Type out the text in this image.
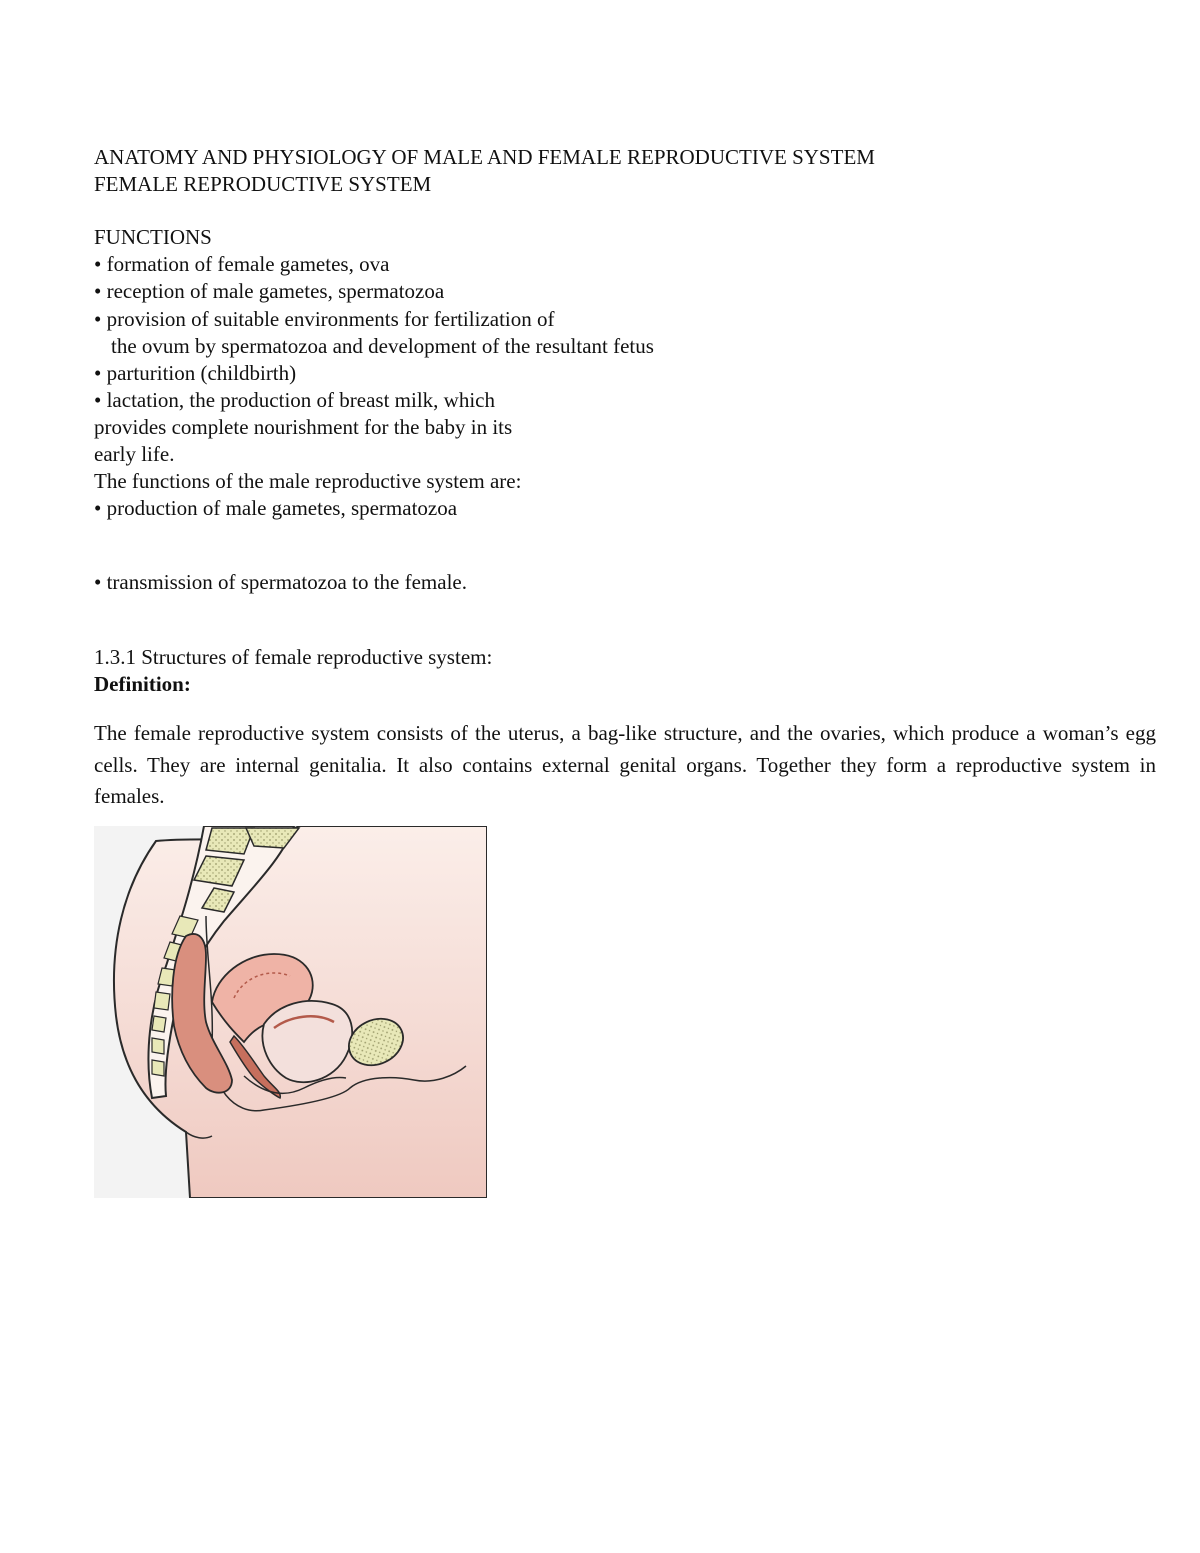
ANATOMY AND PHYSIOLOGY OF MALE AND FEMALE REPRODUCTIVE SYSTEM
FEMALE REPRODUCTIVE SYSTEM
FUNCTIONS
• formation of female gametes, ova
• reception of male gametes, spermatozoa
• provision of suitable environments for fertilization of
the ovum by spermatozoa and development of the resultant fetus
• parturition (childbirth)
• lactation, the production of breast milk, which
provides complete nourishment for the baby in its
early life.
The functions of the male reproductive system are:
• production of male gametes, spermatozoa
• transmission of spermatozoa to the female.
1.3.1 Structures of female reproductive system:
Definition:
The female reproductive system consists of the uterus, a bag-like structure, and the ovaries, which produce a woman’s egg cells. They are internal genitalia. It also contains external genital organs. Together they form a reproductive system in females.
